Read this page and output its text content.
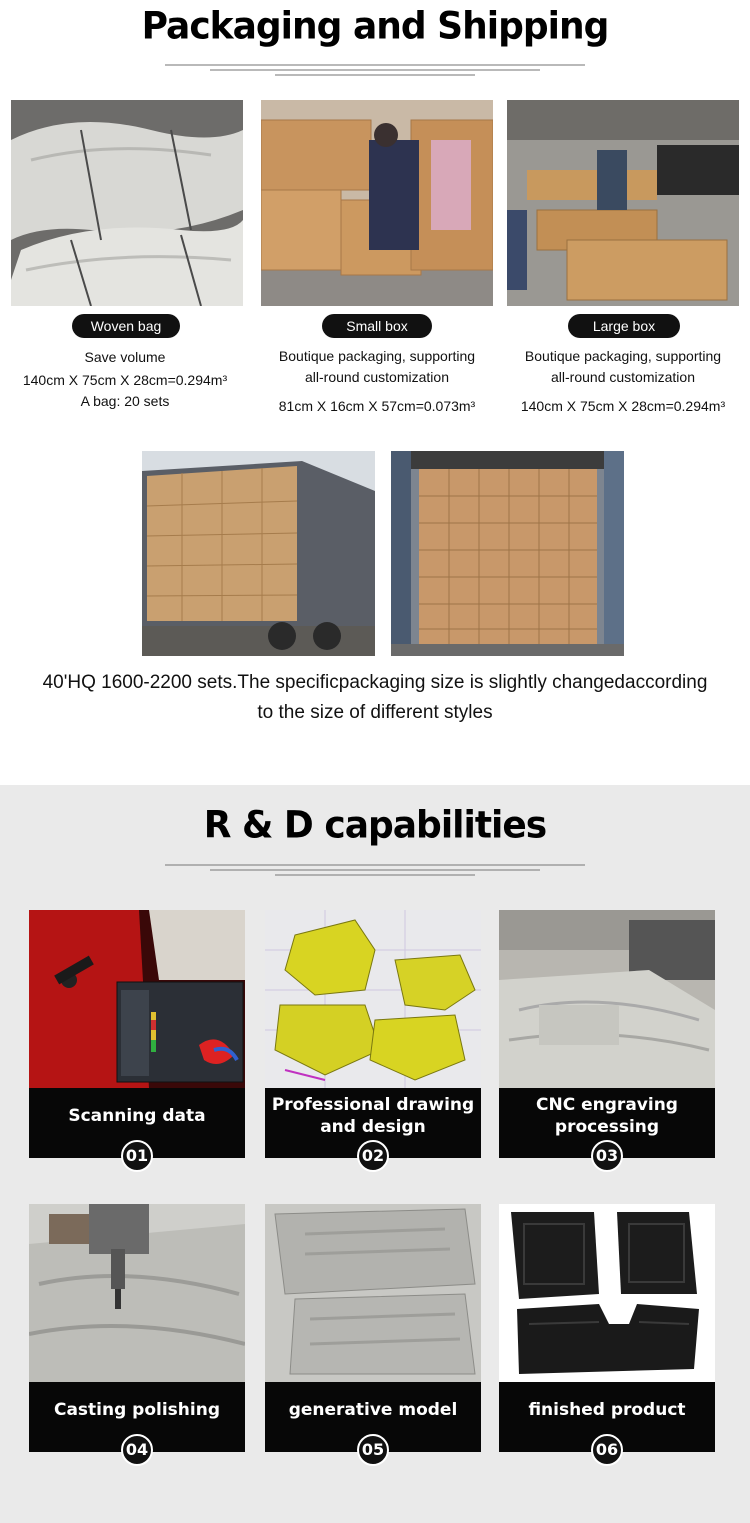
Packaging and Shipping
Woven bag	Small box	Large box
Save volume
140cm X 75cm X 28cm=0.294m³
A bag: 20 sets
Boutique packaging, supporting
all-round customization
81cm X 16cm X 57cm=0.073m³
Boutique packaging, supporting
all-round customization
140cm X 75cm X 28cm=0.294m³
40'HQ 1600-2200 sets.The specificpackaging size is slightly changedaccording
to the size of different styles
R & D capabilities
Scanning data
01
Professional drawing and design
02
CNC engraving processing
03
Casting polishing
04
generative model
05
finished product
06
